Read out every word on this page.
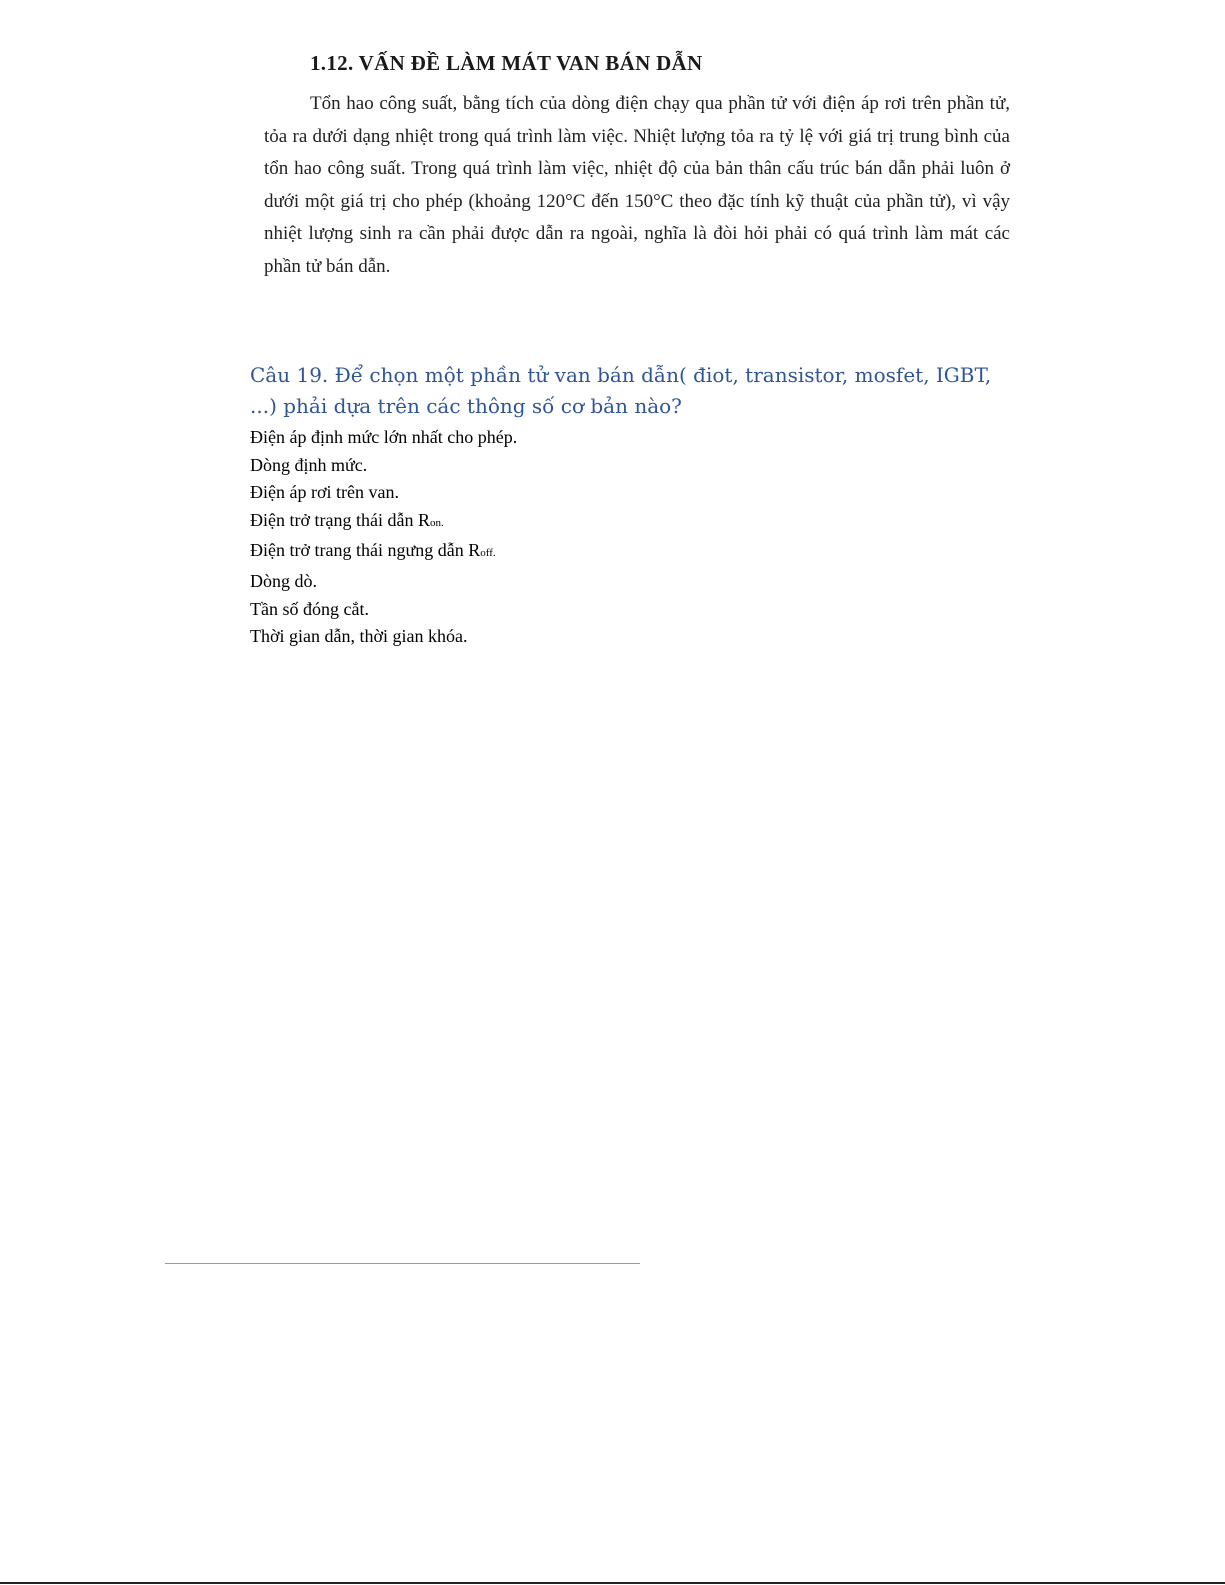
1.12. VẤN ĐỀ LÀM MÁT VAN BÁN DẪN

Tổn hao công suất, bằng tích của dòng điện chạy qua phần tử với điện áp rơi trên phần tử, tỏa ra dưới dạng nhiệt trong quá trình làm việc. Nhiệt lượng tỏa ra tỷ lệ với giá trị trung bình của tổn hao công suất. Trong quá trình làm việc, nhiệt độ của bản thân cấu trúc bán dẫn phải luôn ở dưới một giá trị cho phép (khoảng 120°C đến 150°C theo đặc tính kỹ thuật của phần tử), vì vậy nhiệt lượng sinh ra cần phải được dẫn ra ngoài, nghĩa là đòi hỏi phải có quá trình làm mát các phần tử bán dẫn.

Câu 19. Để chọn một phần tử van bán dẫn( điot, transistor, mosfet, IGBT, ...) phải dựa trên các thông số cơ bản nào?
Điện áp định mức lớn nhất cho phép.
Dòng định mức.
Điện áp rơi trên van.
Điện trở trạng thái dẫn Ron.
Điện trở trang thái ngưng dẫn Roff.
Dòng dò.
Tần số đóng cắt.
Thời gian dẫn, thời gian khóa.
